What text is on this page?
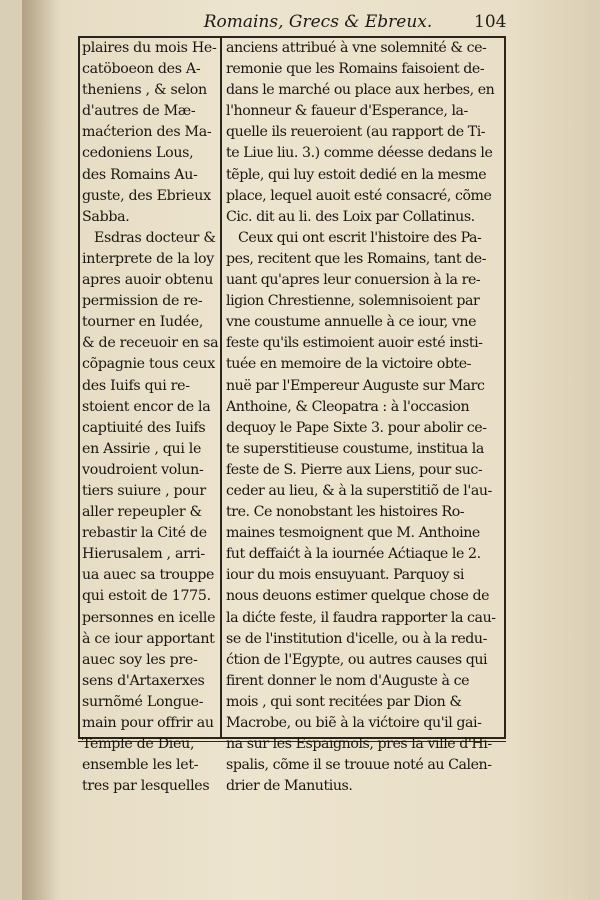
Romains, Grecs & Ebreux.	104
plaires du mois He-
catöboeon des A-
theniens , & selon
d'autres de Mæ-
maćterion des Ma-
cedoniens Lous,
des Romains Au-
guste, des Ebrieux
Sabba.
Esdras docteur &
interprete de la loy
apres auoir obtenu
permission de re-
tourner en Iudée,
& de receuoir en sa
cõpagnie tous ceux
des Iuifs qui re-
stoient encor de la
captiuité des Iuifs
en Assirie , qui le
voudroient volun-
tiers suiure , pour
aller repeupler &
rebastir la Cité de
Hierusalem , arri-
ua auec sa trouppe
qui estoit de 1775.
personnes en icelle
à ce iour apportant
auec soy les pre-
sens d'Artaxerxes
surnõmé Longue-
main pour offrir au
Temple de Dieu,
ensemble les let-
tres par lesquelles
anciens attribué à vne solemnité & ce-
remonie que les Romains faisoient de-
dans le marché ou place aux herbes, en
l'honneur & faueur d'Esperance, la-
quelle ils reueroient (au rapport de Ti-
te Liue liu. 3.) comme déesse dedans le
tẽple, qui luy estoit dedié en la mesme
place, lequel auoit esté consacré, cõme
Cic. dit au li. des Loix par Collatinus.
Ceux qui ont escrit l'histoire des Pa-
pes, recitent que les Romains, tant de-
uant qu'apres leur conuersion à la re-
ligion Chrestienne, solemnisoient par
vne coustume annuelle à ce iour, vne
feste qu'ils estimoient auoir esté insti-
tuée en memoire de la victoire obte-
nuë par l'Empereur Auguste sur Marc
Anthoine, & Cleopatra : à l'occasion
dequoy le Pape Sixte 3. pour abolir ce-
te superstitieuse coustume, institua la
feste de S. Pierre aux Liens, pour suc-
ceder au lieu, & à la superstitiõ de l'au-
tre. Ce nonobstant les histoires Ro-
maines tesmoignent que M. Anthoine
fut deffaićt à la iournée Aćtiaque le 2.
iour du mois ensuyuant. Parquoy si
nous deuons estimer quelque chose de
la dićte feste, il faudra rapporter la cau-
se de l'institution d'icelle, ou à la redu-
ćtion de l'Egypte, ou autres causes qui
firent donner le nom d'Auguste à ce
mois , qui sont recitées par Dion &
Macrobe, ou biẽ à la vićtoire qu'il gai-
na sur les Espaignols, pres la ville d'Hi-
spalis, cõme il se trouue noté au Calen-
drier de Manutius.
